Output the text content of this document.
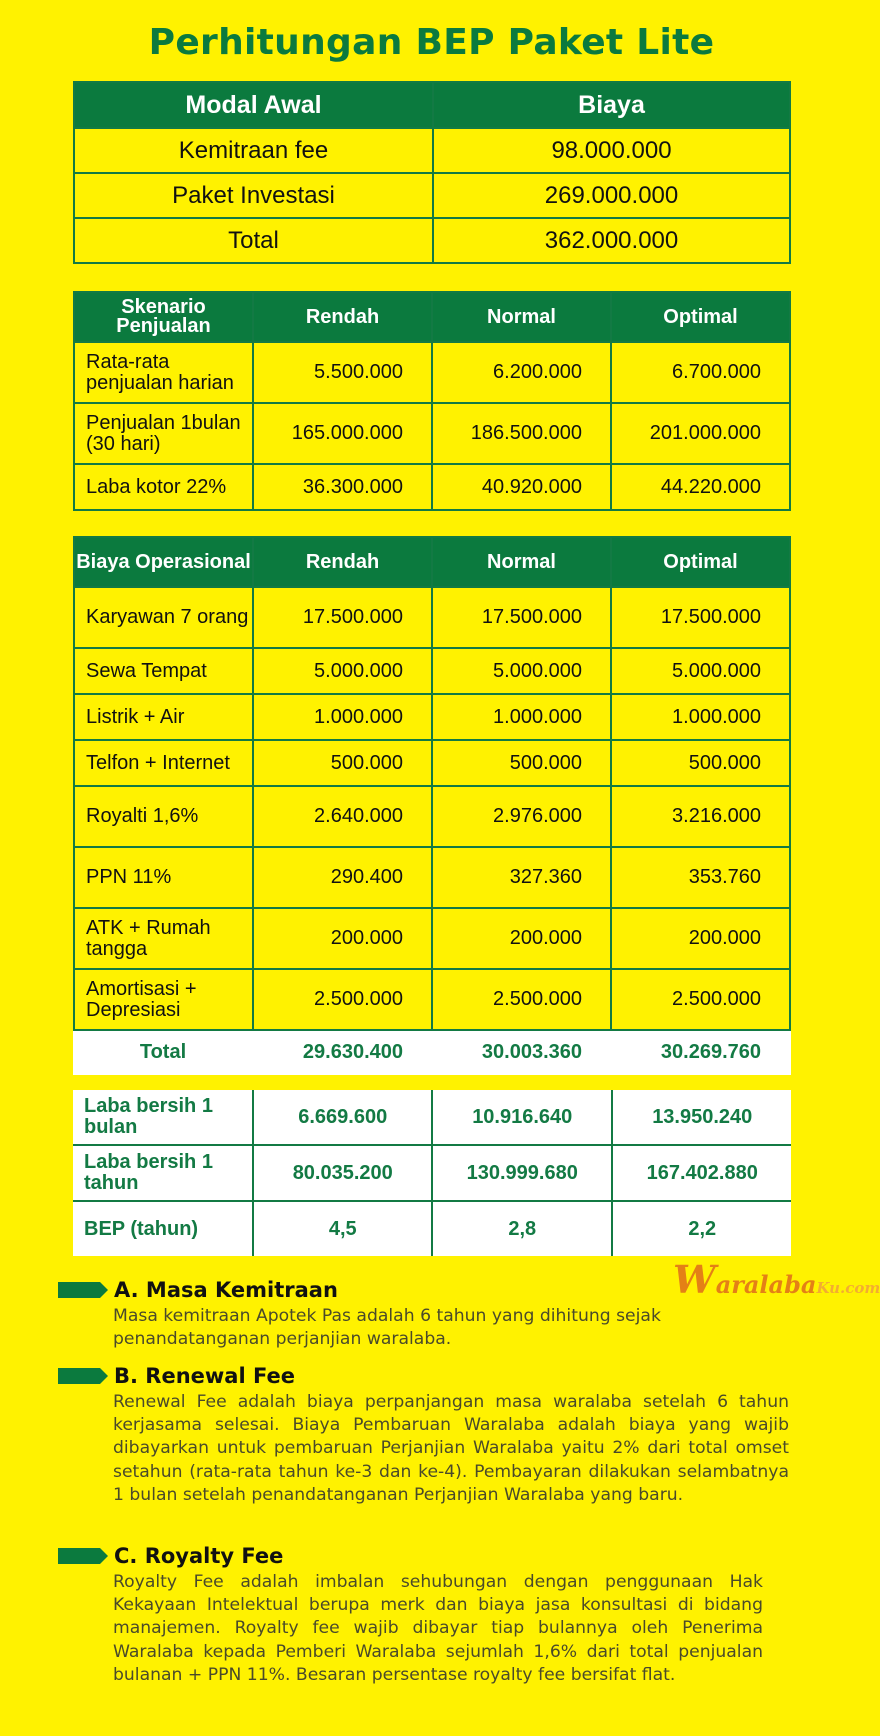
Perhitungan BEP Paket Lite
Modal Awal	Biaya
Kemitraan fee	98.000.000
Paket Investasi	269.000.000
Total	362.000.000
Skenario Penjualan	Rendah	Normal	Optimal
Rata-rata penjualan harian	5.500.000	6.200.000	6.700.000
Penjualan 1bulan (30 hari)	165.000.000	186.500.000	201.000.000
Laba kotor 22%	36.300.000	40.920.000	44.220.000
Biaya Operasional	Rendah	Normal	Optimal
Karyawan 7 orang	17.500.000	17.500.000	17.500.000
Sewa Tempat	5.000.000	5.000.000	5.000.000
Listrik + Air	1.000.000	1.000.000	1.000.000
Telfon + Internet	500.000	500.000	500.000
Royalti 1,6%	2.640.000	2.976.000	3.216.000
PPN 11%	290.400	327.360	353.760
ATK + Rumah tangga	200.000	200.000	200.000
Amortisasi + Depresiasi	2.500.000	2.500.000	2.500.000
Total	29.630.400	30.003.360	30.269.760
Laba bersih 1 bulan	6.669.600	10.916.640	13.950.240
Laba bersih 1 tahun	80.035.200	130.999.680	167.402.880
BEP (tahun)	4,5	2,8	2,2
WaralabaKu.com
A. Masa Kemitraan

Masa kemitraan Apotek Pas adalah 6 tahun yang dihitung sejak penandatanganan perjanjian waralaba.

B. Renewal Fee

Renewal Fee adalah biaya perpanjangan masa waralaba setelah 6 tahun kerjasama selesai. Biaya Pembaruan Waralaba adalah biaya yang wajib dibayarkan untuk pembaruan Perjanjian Waralaba yaitu 2% dari total omset setahun (rata-rata tahun ke-3 dan ke-4). Pembayaran dilakukan selambatnya 1 bulan setelah penandatanganan Perjanjian Waralaba yang baru.

C. Royalty Fee

Royalty Fee adalah imbalan sehubungan dengan penggunaan Hak Kekayaan Intelektual berupa merk dan biaya jasa konsultasi di bidang manajemen. Royalty fee wajib dibayar tiap bulannya oleh Penerima Waralaba kepada Pemberi Waralaba sejumlah 1,6% dari total penjualan bulanan + PPN 11%. Besaran persentase royalty fee bersifat flat.
